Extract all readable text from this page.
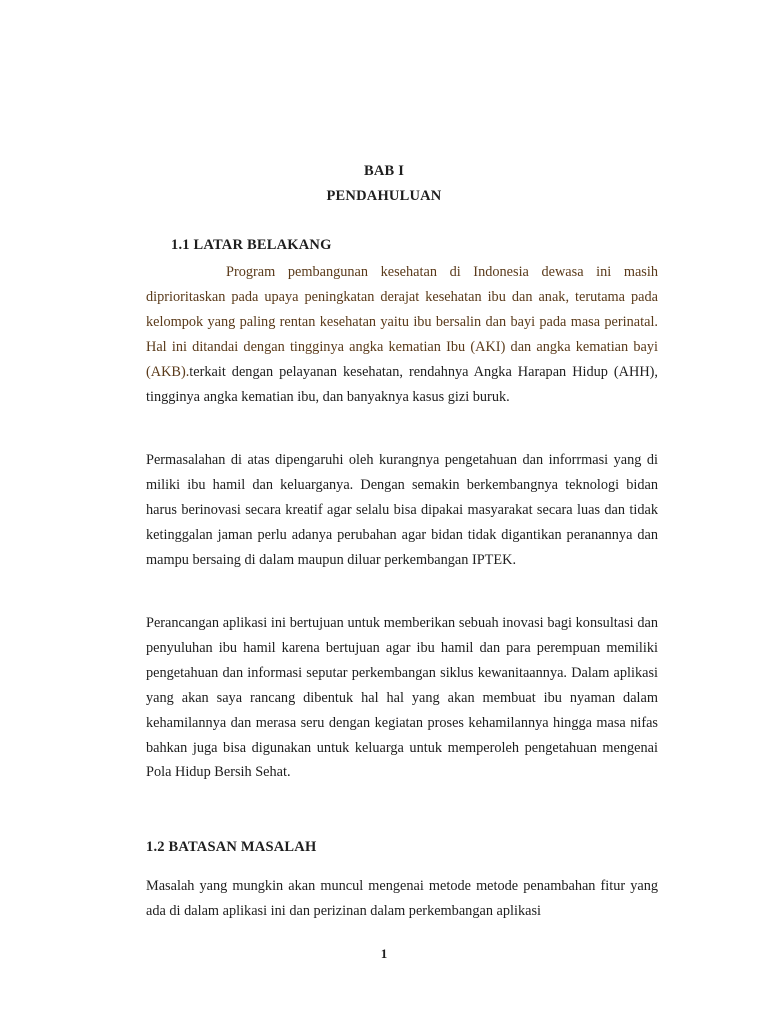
BAB I
PENDAHULUAN
1.1 LATAR BELAKANG

Program pembangunan kesehatan di Indonesia dewasa ini masih diprioritaskan pada upaya peningkatan derajat kesehatan ibu dan anak, terutama pada kelompok yang paling rentan kesehatan yaitu ibu bersalin dan bayi pada masa perinatal. Hal ini ditandai dengan tingginya angka kematian Ibu (AKI) dan angka kematian bayi (AKB).terkait dengan pelayanan kesehatan, rendahnya Angka Harapan Hidup (AHH), tingginya angka kematian ibu, dan banyaknya kasus gizi buruk.

Permasalahan di atas dipengaruhi oleh kurangnya pengetahuan dan inforrmasi yang di miliki ibu hamil dan keluarganya. Dengan semakin berkembangnya teknologi bidan harus berinovasi secara kreatif agar selalu bisa dipakai masyarakat secara luas dan tidak ketinggalan jaman perlu adanya perubahan agar bidan tidak digantikan peranannya dan mampu bersaing di dalam maupun diluar perkembangan IPTEK.

Perancangan aplikasi ini bertujuan untuk memberikan sebuah inovasi bagi konsultasi dan penyuluhan ibu hamil karena bertujuan agar ibu hamil dan para perempuan memiliki pengetahuan dan informasi seputar perkembangan siklus kewanitaannya. Dalam aplikasi yang akan saya rancang dibentuk hal hal yang akan membuat ibu nyaman dalam kehamilannya dan merasa seru dengan kegiatan proses kehamilannya hingga masa nifas bahkan juga bisa digunakan untuk keluarga untuk memperoleh pengetahuan mengenai Pola Hidup Bersih Sehat.

1.2 BATASAN MASALAH

Masalah yang mungkin akan muncul mengenai metode metode penambahan fitur yang ada di dalam aplikasi ini dan perizinan dalam perkembangan aplikasi

1
